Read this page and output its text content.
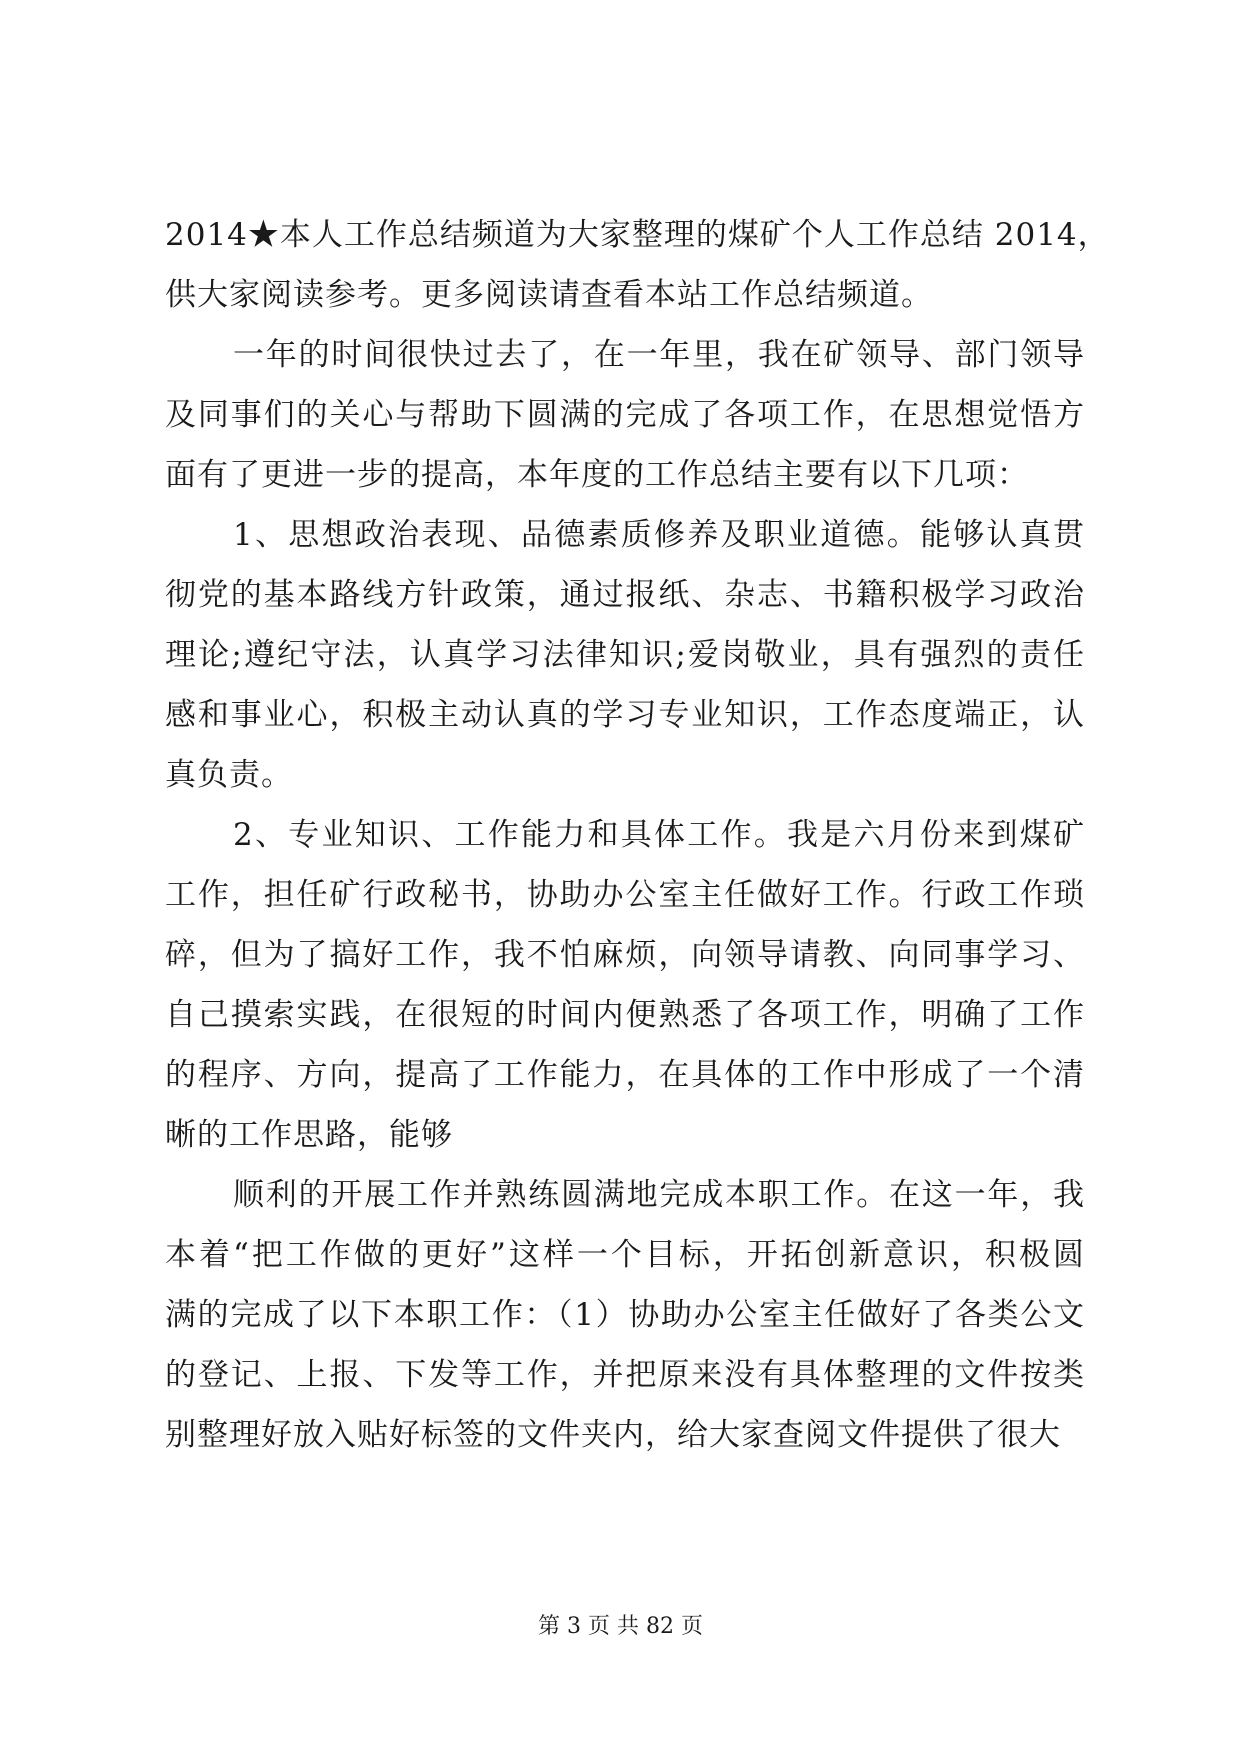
2014★本人工作总结频道为大家整理的煤矿个人工作总结 2014，
供大家阅读参考。更多阅读请查看本站工作总结频道。
一年的时间很快过去了，在一年里，我在矿领导、部门领导
及同事们的关心与帮助下圆满的完成了各项工作，在思想觉悟方
面有了更进一步的提高，本年度的工作总结主要有以下几项：
1、思想政治表现、品德素质修养及职业道德。能够认真贯
彻党的基本路线方针政策，通过报纸、杂志、书籍积极学习政治
理论;遵纪守法，认真学习法律知识;爱岗敬业，具有强烈的责任
感和事业心，积极主动认真的学习专业知识，工作态度端正，认
真负责。
2、专业知识、工作能力和具体工作。我是六月份来到煤矿
工作，担任矿行政秘书，协助办公室主任做好工作。行政工作琐
碎，但为了搞好工作，我不怕麻烦，向领导请教、向同事学习、
自己摸索实践，在很短的时间内便熟悉了各项工作，明确了工作
的程序、方向，提高了工作能力，在具体的工作中形成了一个清
晰的工作思路，能够
顺利的开展工作并熟练圆满地完成本职工作。在这一年，我
本着“把工作做的更好”这样一个目标，开拓创新意识，积极圆
满的完成了以下本职工作：（1）协助办公室主任做好了各类公文
的登记、上报、下发等工作，并把原来没有具体整理的文件按类
别整理好放入贴好标签的文件夹内，给大家查阅文件提供了很大
第 3 页 共 82 页
